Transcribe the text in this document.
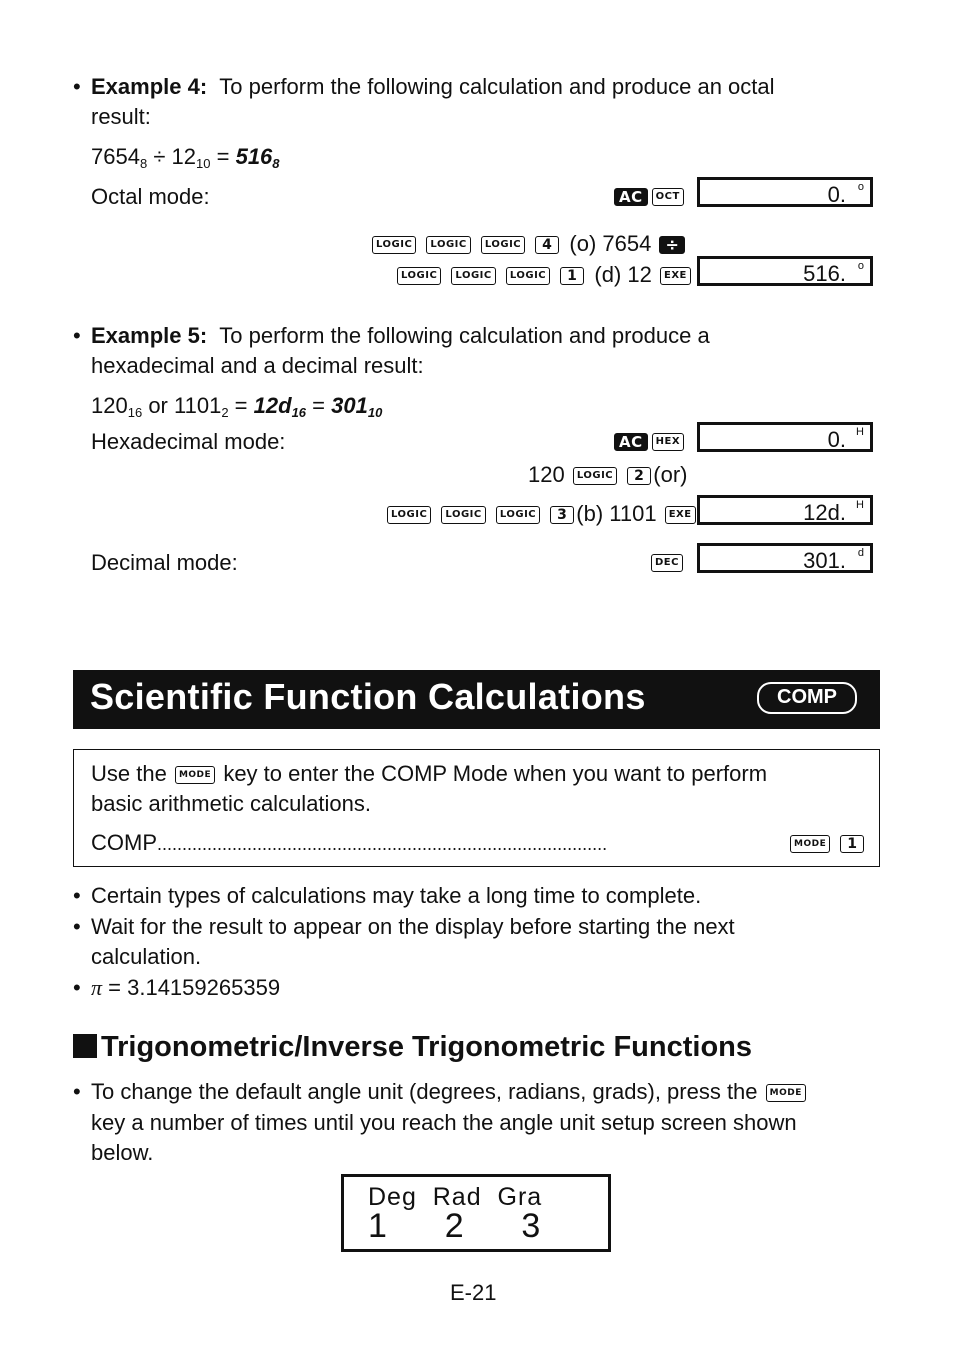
• Example 4: To perform the following calculation and produce an octal
result:
$7654_8 \div 12_{10} = 516_8$
Octal mode:	AC OCT	0. o
LOGIC LOGIC LOGIC 4 (o) 7654 ÷
LOGIC LOGIC LOGIC 1 (d) 12 EXE	516. o
• Example 5: To perform the following calculation and produce a
hexadecimal and a decimal result:
$120_{16}$ or $1101_2 = 12d_{16} = 301_{10}$
Hexadecimal mode:	AC HEX	0. H
120 LOGIC 2 (or)
LOGIC LOGIC LOGIC 3 (b) 1101 EXE	12d. H
Decimal mode:	DEC	301. d
Scientific Function Calculations	COMP
Use the MODE key to enter the COMP Mode when you want to perform
basic arithmetic calculations.
COMP..........................................................................................	MODE 1
• Certain types of calculations may take a long time to complete.
• Wait for the result to appear on the display before starting the next
calculation.
• π = 3.14159265359
Trigonometric/Inverse Trigonometric Functions
• To change the default angle unit (degrees, radians, grads), press the MODE
key a number of times until you reach the angle unit setup screen shown
below.
Deg  Rad  Gra
1    2    3
E-21
